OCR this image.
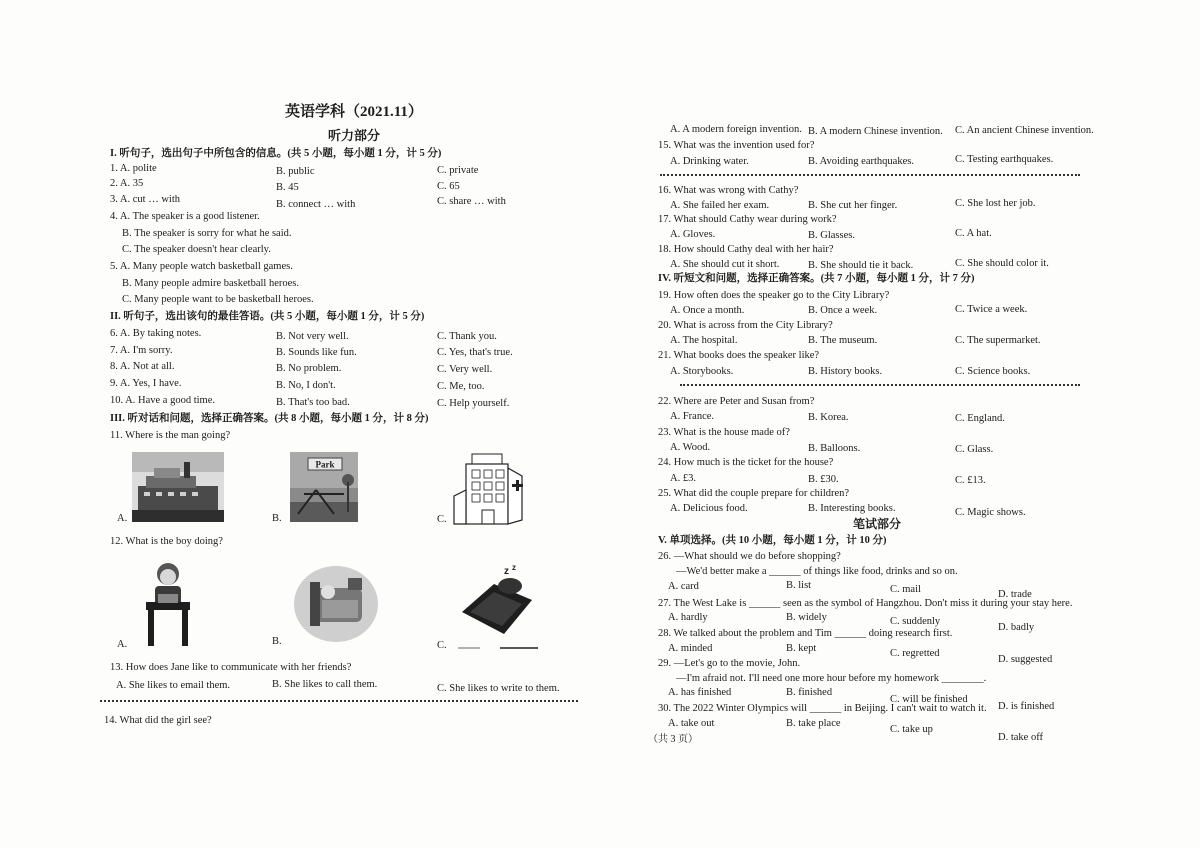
英语学科（2021.11）
听力部分
I. 听句子，选出句子中所包含的信息。(共 5 小题，每小题 1 分，计 5 分)
1. A. polite	B. public	C. private
2. A. 35	B. 45	C. 65
3. A. cut … with	B. connect … with	C. share … with
4. A. The speaker is a good listener.
B. The speaker is sorry for what he said.
C. The speaker doesn't hear clearly.
5. A. Many people watch basketball games.
B. Many people admire basketball heroes.
C. Many people want to be basketball heroes.
II. 听句子，选出该句的最佳答语。(共 5 小题，每小题 1 分，计 5 分)
6. A. By taking notes.	B. Not very well.	C. Thank you.
7. A. I'm sorry.	B. Sounds like fun.	C. Yes, that's true.
8. A. Not at all.	B. No problem.	C. Very well.
9. A. Yes, I have.	B. No, I don't.	C. Me, too.
10. A. Have a good time.	B. That's too bad.	C. Help yourself.
III. 听对话和问题，选择正确答案。(共 8 小题，每小题 1 分，计 8 分)
11. Where is the man going?
A.	B.
Park
C.
12. What is the boy doing?
A.	B.	C.
z z
13. How does Jane like to communicate with her friends?
A. She likes to email them.	B. She likes to call them.	C. She likes to write to them.
14. What did the girl see?
A. A modern foreign invention. B. A modern Chinese invention. C. An ancient Chinese invention.
15. What was the invention used for?
A. Drinking water.	B. Avoiding earthquakes.	C. Testing earthquakes.
16. What was wrong with Cathy?
A. She failed her exam.	B. She cut her finger.	C. She lost her job.
17. What should Cathy wear during work?
A. Gloves.	B. Glasses.	C. A hat.
18. How should Cathy deal with her hair?
A. She should cut it short.	B. She should tie it back.	C. She should color it.
IV. 听短文和问题，选择正确答案。(共 7 小题，每小题 1 分，计 7 分)
19. How often does the speaker go to the City Library?
A. Once a month.	B. Once a week.	C. Twice a week.
20. What is across from the City Library?
A. The hospital.	B. The museum.	C. The supermarket.
21. What books does the speaker like?
A. Storybooks.	B. History books.	C. Science books.
22. Where are Peter and Susan from?
A. France.	B. Korea.	C. England.
23. What is the house made of?
A. Wood.	B. Balloons.	C. Glass.
24. How much is the ticket for the house?
A. £3.	B. £30.	C. £13.
25. What did the couple prepare for children?
A. Delicious food.	B. Interesting books.	C. Magic shows.
笔试部分
V. 单项选择。(共 10 小题，每小题 1 分，计 10 分)
26. —What should we do before shopping?
—We'd better make a ______ of things like food, drinks and so on.
A. card	B. list	C. mail	D. trade
27. The West Lake is ______ seen as the symbol of Hangzhou. Don't miss it during your stay here.
A. hardly	B. widely	C. suddenly
D. badly
28. We talked about the problem and Tim ______ doing research first.
A. minded	B. kept	C. regretted
D. suggested
29. —Let's go to the movie, John.
—I'm afraid not. I'll need one more hour before my homework ________.
A. has finished	B. finished
C. will be finished
D. is finished
30. The 2022 Winter Olympics will ______ in Beijing. I can't wait to watch it.
A. take out	B. take place
C. take up
D. take off
（共 3 页）
